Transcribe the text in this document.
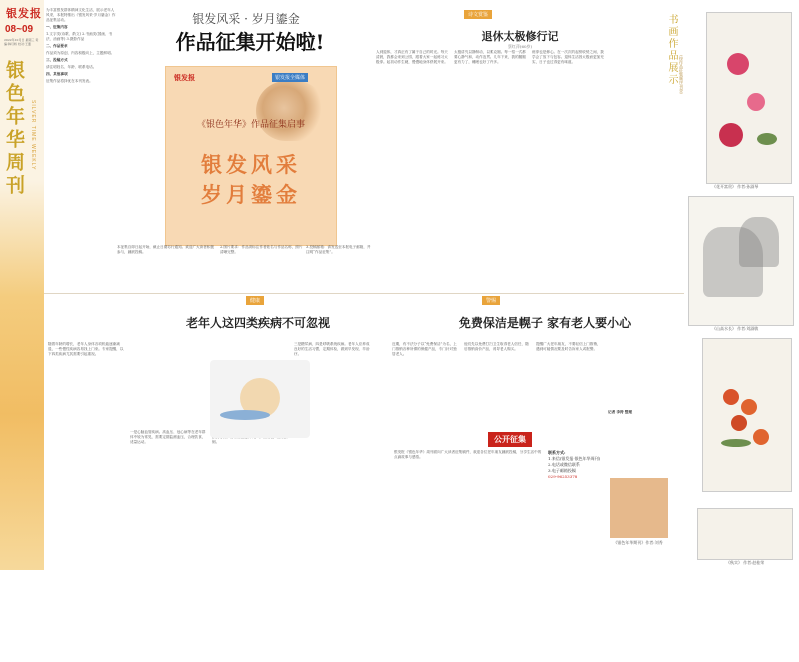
银发报
08~09
2022年10月日 星期三 责编:韩月娇 校对:王董
银色年华周刊 SILVER TIME WEEKLY

为丰富银发群体精神文化生活，展示老年人风采，本报特推出《银发风采·岁月鎏金》作品征集活动。

一、征集内容

1.文字类(诗歌、散文) 2.书画类(国画、书法、油画等) 3.摄影作品

二、作品要求

作品须为原创，内容积极向上，主题鲜明。

三、投稿方式

请注明姓名、年龄、联系电话。

四、其他事项

征集作品将择优在本刊发表。

银发风采 · 岁月鎏金
作品征集开始啦!
银发报	银发报全媒体
《银色年华》作品征集启事
银发风采
岁月鎏金
本征集自即日起开始，截止日期另行通知。欢迎广大读者积极参与，踊跃投稿。
2.图片要求：作品须标注作者姓名与作品名称，照片清晰完整。
3.投稿邮箱：请发送至本报电子邮箱，并注明“作品征集”。
诗文赏鉴
退休太极修行记
蔡红萍(60岁)
人到退休，才真正有了属于自己的时光。每天清晨，我都会来到公园，跟着大家一起练习太极拳。起初动作生硬，慢慢地身体舒展开来。
太极讲究以静制动，以柔克刚。每一招一式都要心静气和，动作连贯。几年下来，我的腰腿更有力了，睡眠也好了许多。
练拳也是修心。在一次次的起势收势之间，我学会了放下与包容。退休生活因太极而更加充实，日子也过得更有味道。	书画作品展示 (按作品征集顺序刊登)
《花开富贵》 作者:孙淑琴
《山高水长》 作者:刘淑敏
《秋实》 作者:赵桂荣
健康
老年人这四类疾病不可忽视
随着年龄的增长，老年人身体各项机能逐渐减退，一些慢性疾病容易找上门来。专家提醒，以下四类疾病尤其需要引起重视。
一是心脑血管疾病。高血压、冠心病等在老年群体中较为常见，需要定期监测血压，合理饮食，适量运动。	倒。
三是糖尿病，四是呼吸系统疾病。老年人应养成良好的生活习惯，定期体检，做到早发现、早治疗。
警惕
免费保洁是幌子 家有老人要小心
近期，有不法分子以“免费保洁”为名，上门推销各种所谓的保健产品，专门针对独居老人。
他们先以免费打扫卫生取得老人信任，随后推销高价产品，诱导老人购买。
提醒广大老年朋友，不要轻信上门推销，遇到可疑情况要及时告诉家人或报警。
记者 李涛 整理
公开征集
银发报《银色年华》周刊面向广大读者征集稿件，欢迎各位老年朋友踊跃投稿，分享生活中的点滴故事与感悟。
联系方式:
1.来信(银发报·银色年华周刊)
2.电话或微信联系
3.电子邮箱投稿
029-96253378
《银色年华期刊》作者:刘秀
